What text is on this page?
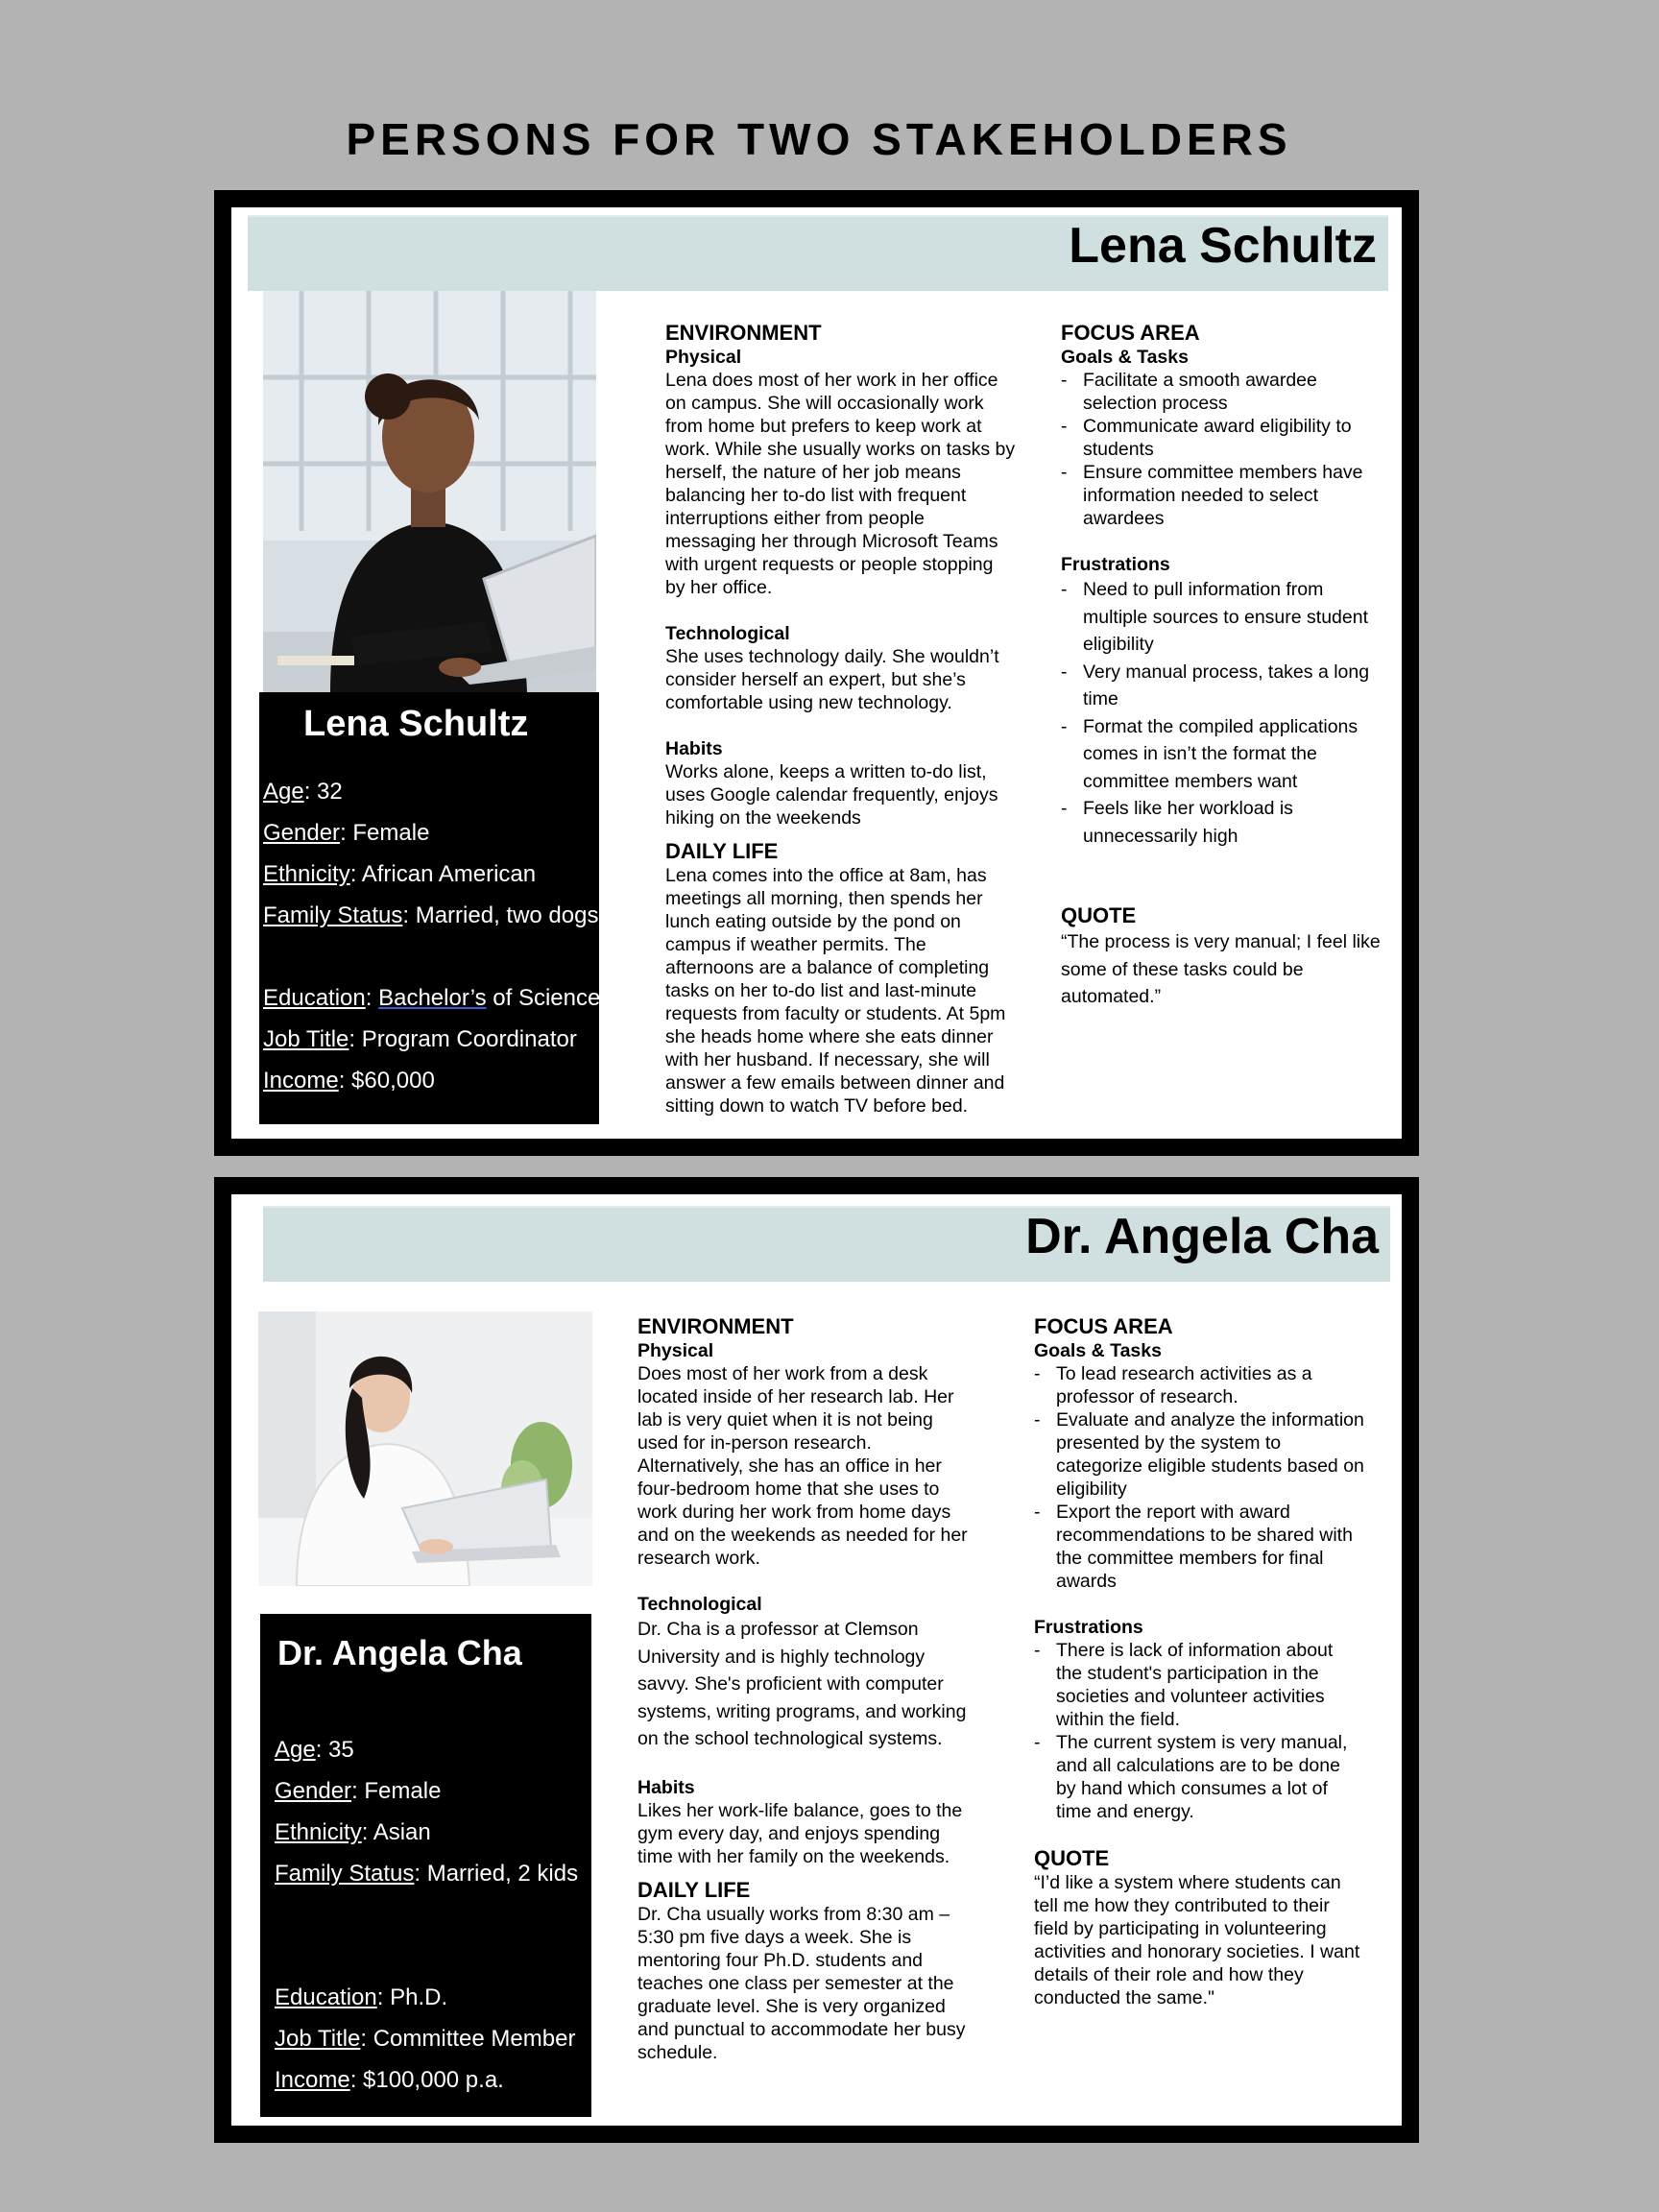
PERSONS FOR TWO STAKEHOLDERS
Lena Schultz
Lena Schultz
Age: 32
Gender: Female
Ethnicity: African American
Family Status: Married, two dogs
Education: Bachelor’s of Science
Job Title: Program Coordinator
Income: $60,000
ENVIRONMENT
Physical
Lena does most of her work in her office
on campus. She will occasionally work
from home but prefers to keep work at
work. While she usually works on tasks by
herself, the nature of her job means
balancing her to-do list with frequent
interruptions either from people
messaging her through Microsoft Teams
with urgent requests or people stopping
by her office.
Technological
She uses technology daily. She wouldn’t
consider herself an expert, but she’s
comfortable using new technology.
Habits
Works alone, keeps a written to-do list,
uses Google calendar frequently, enjoys
hiking on the weekends
DAILY LIFE
Lena comes into the office at 8am, has
meetings all morning, then spends her
lunch eating outside by the pond on
campus if weather permits. The
afternoons are a balance of completing
tasks on her to-do list and last-minute
requests from faculty or students. At 5pm
she heads home where she eats dinner
with her husband. If necessary, she will
answer a few emails between dinner and
sitting down to watch TV before bed.
FOCUS AREA
Goals & Tasks
- Facilitate a smooth awardee
selection process
- Communicate award eligibility to
students
- Ensure committee members have
information needed to select
awardees
Frustrations
- Need to pull information from
multiple sources to ensure student
eligibility
- Very manual process, takes a long
time
- Format the compiled applications
comes in isn’t the format the
committee members want
- Feels like her workload is
unnecessarily high
QUOTE
“The process is very manual; I feel like
some of these tasks could be
automated.”
Dr. Angela Cha
Dr. Angela Cha
Age: 35
Gender: Female
Ethnicity: Asian
Family Status: Married, 2 kids
Education: Ph.D.
Job Title: Committee Member
Income: $100,000 p.a.
ENVIRONMENT
Physical
Does most of her work from a desk
located inside of her research lab. Her
lab is very quiet when it is not being
used for in-person research.
Alternatively, she has an office in her
four-bedroom home that she uses to
work during her work from home days
and on the weekends as needed for her
research work.
Technological
Dr. Cha is a professor at Clemson
University and is highly technology
savvy. She's proficient with computer
systems, writing programs, and working
on the school technological systems.
Habits
Likes her work-life balance, goes to the
gym every day, and enjoys spending
time with her family on the weekends.
DAILY LIFE
Dr. Cha usually works from 8:30 am –
5:30 pm five days a week. She is
mentoring four Ph.D. students and
teaches one class per semester at the
graduate level. She is very organized
and punctual to accommodate her busy
schedule.
FOCUS AREA
Goals & Tasks
- To lead research activities as a
professor of research.
- Evaluate and analyze the information
presented by the system to
categorize eligible students based on
eligibility
- Export the report with award
recommendations to be shared with
the committee members for final
awards
Frustrations
- There is lack of information about
the student's participation in the
societies and volunteer activities
within the field.
- The current system is very manual,
and all calculations are to be done
by hand which consumes a lot of
time and energy.
QUOTE
“I’d like a system where students can
tell me how they contributed to their
field by participating in volunteering
activities and honorary societies. I want
details of their role and how they
conducted the same."
